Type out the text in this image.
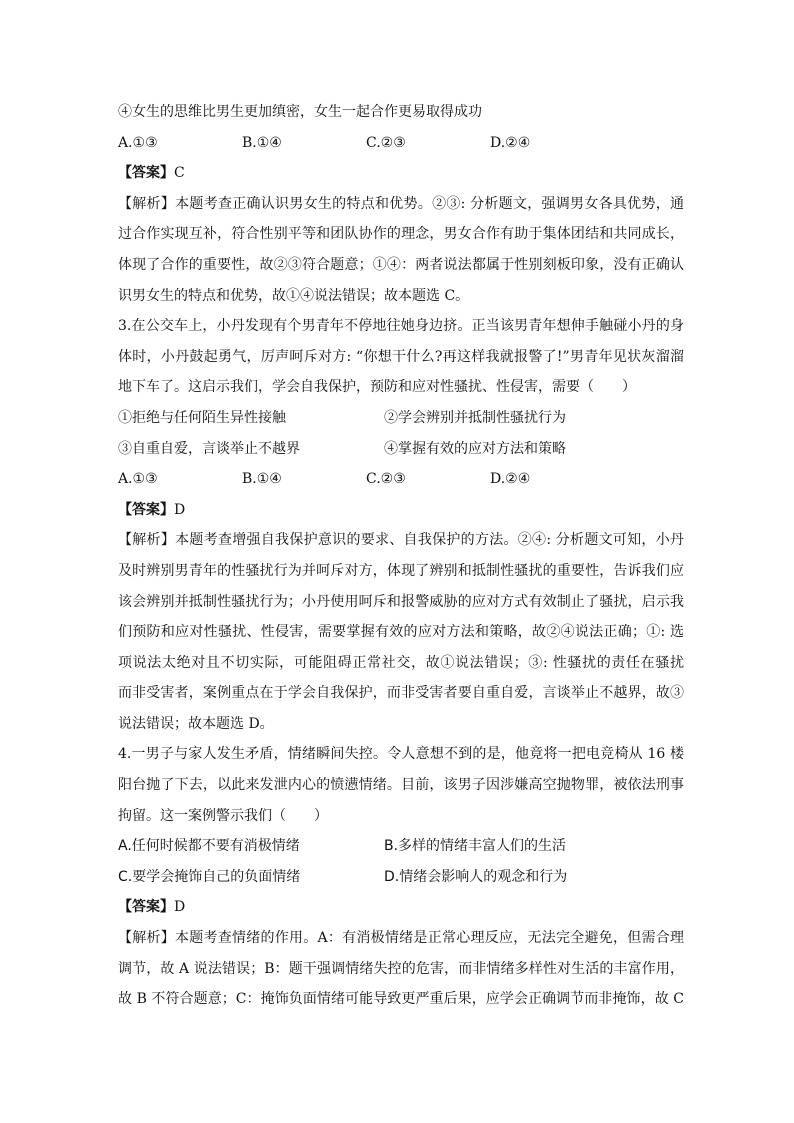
④女生的思维比男生更加缜密，女生一起合作更易取得成功
A.①③	B.①④	C.②③	D.②④
【答案】C
【解析】本题考查正确认识男女生的特点和优势。②③: 分析题文，强调男女各具优势，通
过合作实现互补，符合性别平等和团队协作的理念，男女合作有助于集体团结和共同成长，
体现了合作的重要性，故②③符合题意；①④：两者说法都属于性别刻板印象，没有正确认
识男女生的特点和优势，故①④说法错误；故本题选 C。
3.在公交车上，小丹发现有个男青年不停地往她身边挤。正当该男青年想伸手触碰小丹的身
体时，小丹鼓起勇气，厉声呵斥对方: “你想干什么?再这样我就报警了!”男青年见状灰溜溜
地下车了。这启示我们，学会自我保护，预防和应对性骚扰、性侵害，需要（　　）
①拒绝与任何陌生异性接触	②学会辨别并抵制性骚扰行为
③自重自爱，言谈举止不越界	④掌握有效的应对方法和策略
A.①③	B.①④	C.②③	D.②④
【答案】D
【解析】本题考查增强自我保护意识的要求、自我保护的方法。②④: 分析题文可知，小丹
及时辨别男青年的性骚扰行为并呵斥对方，体现了辨别和抵制性骚扰的重要性，告诉我们应
该会辨别并抵制性骚扰行为；小丹使用呵斥和报警威胁的应对方式有效制止了骚扰，启示我
们预防和应对性骚扰、性侵害，需要掌握有效的应对方法和策略，故②④说法正确；①: 选
项说法太绝对且不切实际，可能阻碍正常社交，故①说法错误；③: 性骚扰的责任在骚扰
而非受害者，案例重点在于学会自我保护，而非受害者要自重自爱，言谈举止不越界，故③
说法错误；故本题选 D。
4.一男子与家人发生矛盾，情绪瞬间失控。令人意想不到的是，他竟将一把电竞椅从 16 楼
阳台抛了下去，以此来发泄内心的愤懑情绪。目前，该男子因涉嫌高空抛物罪，被依法刑事
拘留。这一案例警示我们（　　）
A.任何时候都不要有消极情绪	B.多样的情绪丰富人们的生活
C.要学会掩饰自己的负面情绪	D.情绪会影响人的观念和行为
【答案】D
【解析】本题考查情绪的作用。A：有消极情绪是正常心理反应，无法完全避免，但需合理
调节，故 A 说法错误；B：题干强调情绪失控的危害，而非情绪多样性对生活的丰富作用，
故 B 不符合题意；C：掩饰负面情绪可能导致更严重后果，应学会正确调节而非掩饰，故 C
